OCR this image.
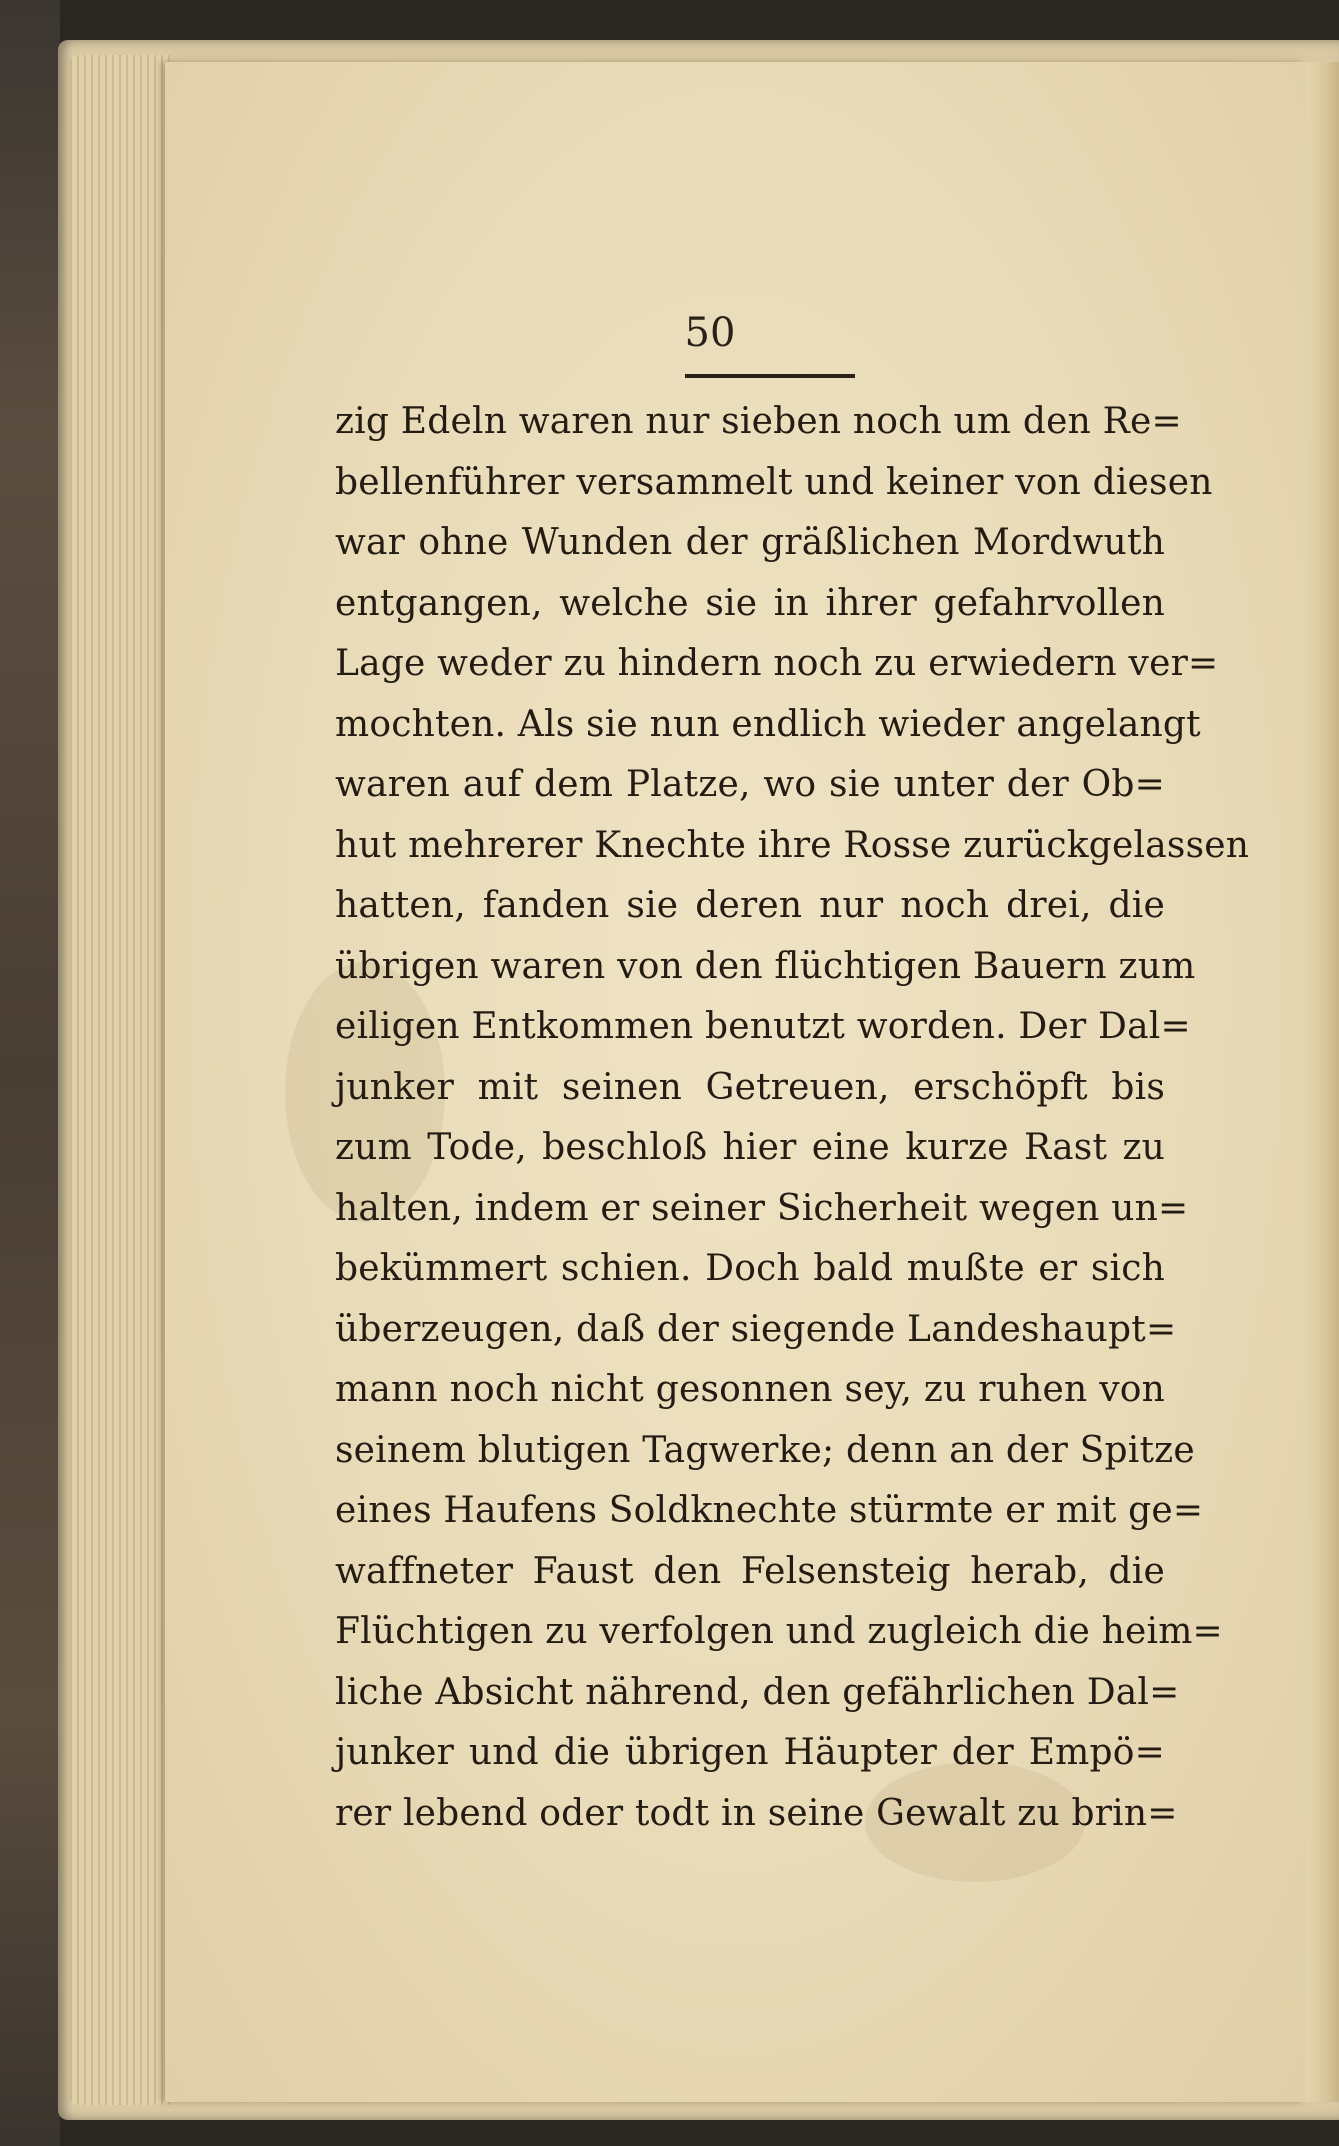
50
zig Edeln waren nur sieben noch um den Re=
bellenführer versammelt und keiner von diesen
war ohne Wunden der gräßlichen Mordwuth
entgangen, welche sie in ihrer gefahrvollen
Lage weder zu hindern noch zu erwiedern ver=
mochten. Als sie nun endlich wieder angelangt
waren auf dem Platze, wo sie unter der Ob=
hut mehrerer Knechte ihre Rosse zurückgelassen
hatten, fanden sie deren nur noch drei, die
übrigen waren von den flüchtigen Bauern zum
eiligen Entkommen benutzt worden. Der Dal=
junker mit seinen Getreuen, erschöpft bis
zum Tode, beschloß hier eine kurze Rast zu
halten, indem er seiner Sicherheit wegen un=
bekümmert schien. Doch bald mußte er sich
überzeugen, daß der siegende Landeshaupt=
mann noch nicht gesonnen sey, zu ruhen von
seinem blutigen Tagwerke; denn an der Spitze
eines Haufens Soldknechte stürmte er mit ge=
waffneter Faust den Felsensteig herab, die
Flüchtigen zu verfolgen und zugleich die heim=
liche Absicht nährend, den gefährlichen Dal=
junker und die übrigen Häupter der Empö=
rer lebend oder todt in seine Gewalt zu brin=
